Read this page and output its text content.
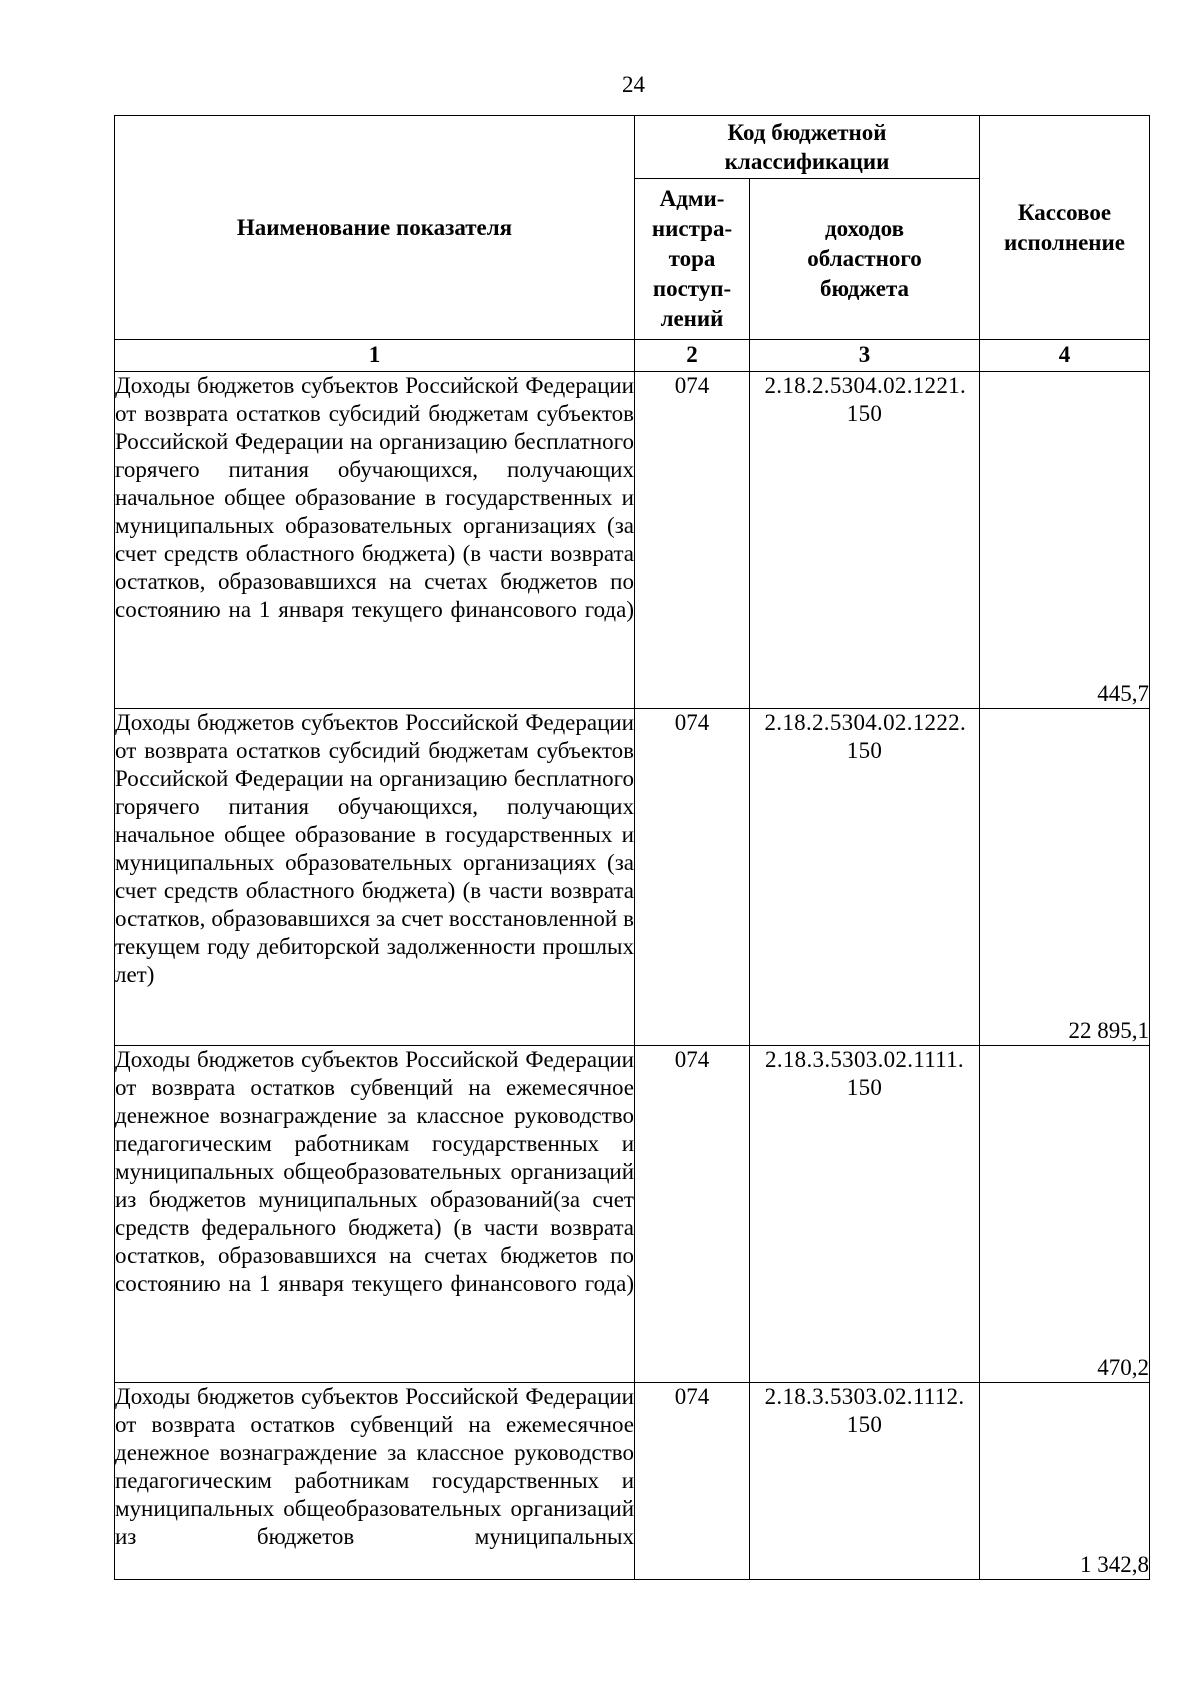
24
Наименование показателя	Код бюджетной классификации		Кассовое исполнение
	Адми-
нистра-
тора
поступ-
лений	доходов областного бюджета	
1	2	3	4

Доходы бюджетов субъектов Российской Федерации от возврата остатков субсидий бюджетам субъектов Российской Федерации на организацию бесплатного горячего питания обучающихся, получающих начальное общее образование в государственных и муниципальных образовательных организациях (за счет средств областного бюджета) (в части возврата остатков, образовавшихся на счетах бюджетов по состоянию на 1 января текущего финансового года)	074	2.18.2.5304.02.1221. 150	445,7

Доходы бюджетов субъектов Российской Федерации от возврата остатков субсидий бюджетам субъектов Российской Федерации на организацию бесплатного горячего питания обучающихся, получающих начальное общее образование в государственных и муниципальных образовательных организациях (за счет средств областного бюджета) (в части возврата остатков, образовавшихся за счет восстановленной в текущем году дебиторской задолженности прошлых лет)	074	2.18.2.5304.02.1222. 150	22 895,1

Доходы бюджетов субъектов Российской Федерации от возврата остатков субвенций на ежемесячное денежное вознаграждение за классное руководство педагогическим работникам государственных и муниципальных общеобразовательных организаций из бюджетов муниципальных образований(за счет средств федерального бюджета) (в части возврата остатков, образовавшихся на счетах бюджетов по состоянию на 1 января текущего финансового года)	074	2.18.3.5303.02.1111. 150	470,2

Доходы бюджетов субъектов Российской Федерации от возврата остатков субвенций на ежемесячное денежное вознаграждение за классное руководство педагогическим работникам государственных и муниципальных общеобразовательных организаций из бюджетов муниципальных	074	2.18.3.5303.02.1112. 150	1 342,8
